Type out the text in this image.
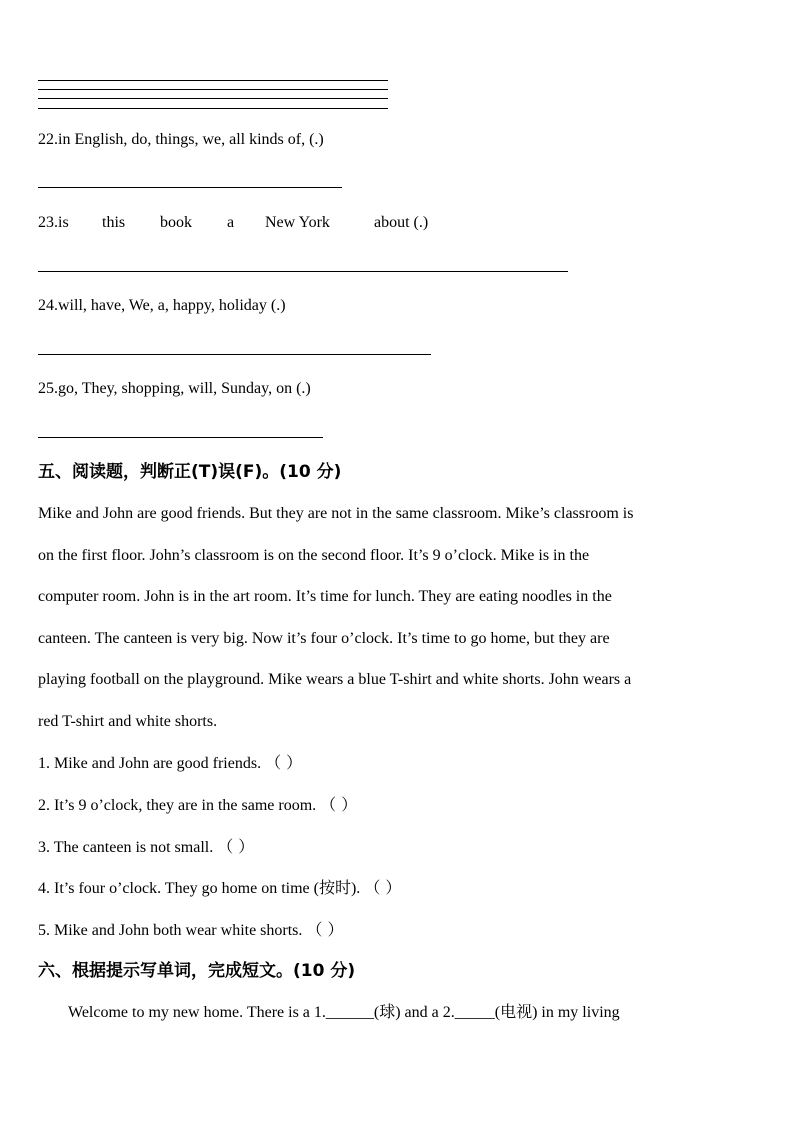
22.in English, do, things, we, all kinds of, (.)
23.is this book a New York	about (.)
24.will, have, We, a, happy, holiday (.)
25.go, They, shopping, will, Sunday, on (.)
五、阅读题，判断正(T)误(F)。(10 分)
Mike and John are good friends. But they are not in the same classroom. Mike’s classroom is
on the first floor. John’s classroom is on the second floor. It’s 9 o’clock. Mike is in the
computer room. John is in the art room. It’s time for lunch. They are eating noodles in the
canteen. The canteen is very big. Now it’s four o’clock. It’s time to go home, but they are
playing football on the playground. Mike wears a blue T-shirt and white shorts. John wears a
red T-shirt and white shorts.
1. Mike and John are good friends. （ ）
2. It’s 9 o’clock, they are in the same room. （ ）
3. The canteen is not small. （ ）
4. It’s four o’clock. They go home on time (按时). （ ）
5. Mike and John both wear white shorts. （ ）
六、根据提示写单词，完成短文。(10 分)
Welcome to my new home. There is a 1.______(球) and a 2._____(电视) in my living
